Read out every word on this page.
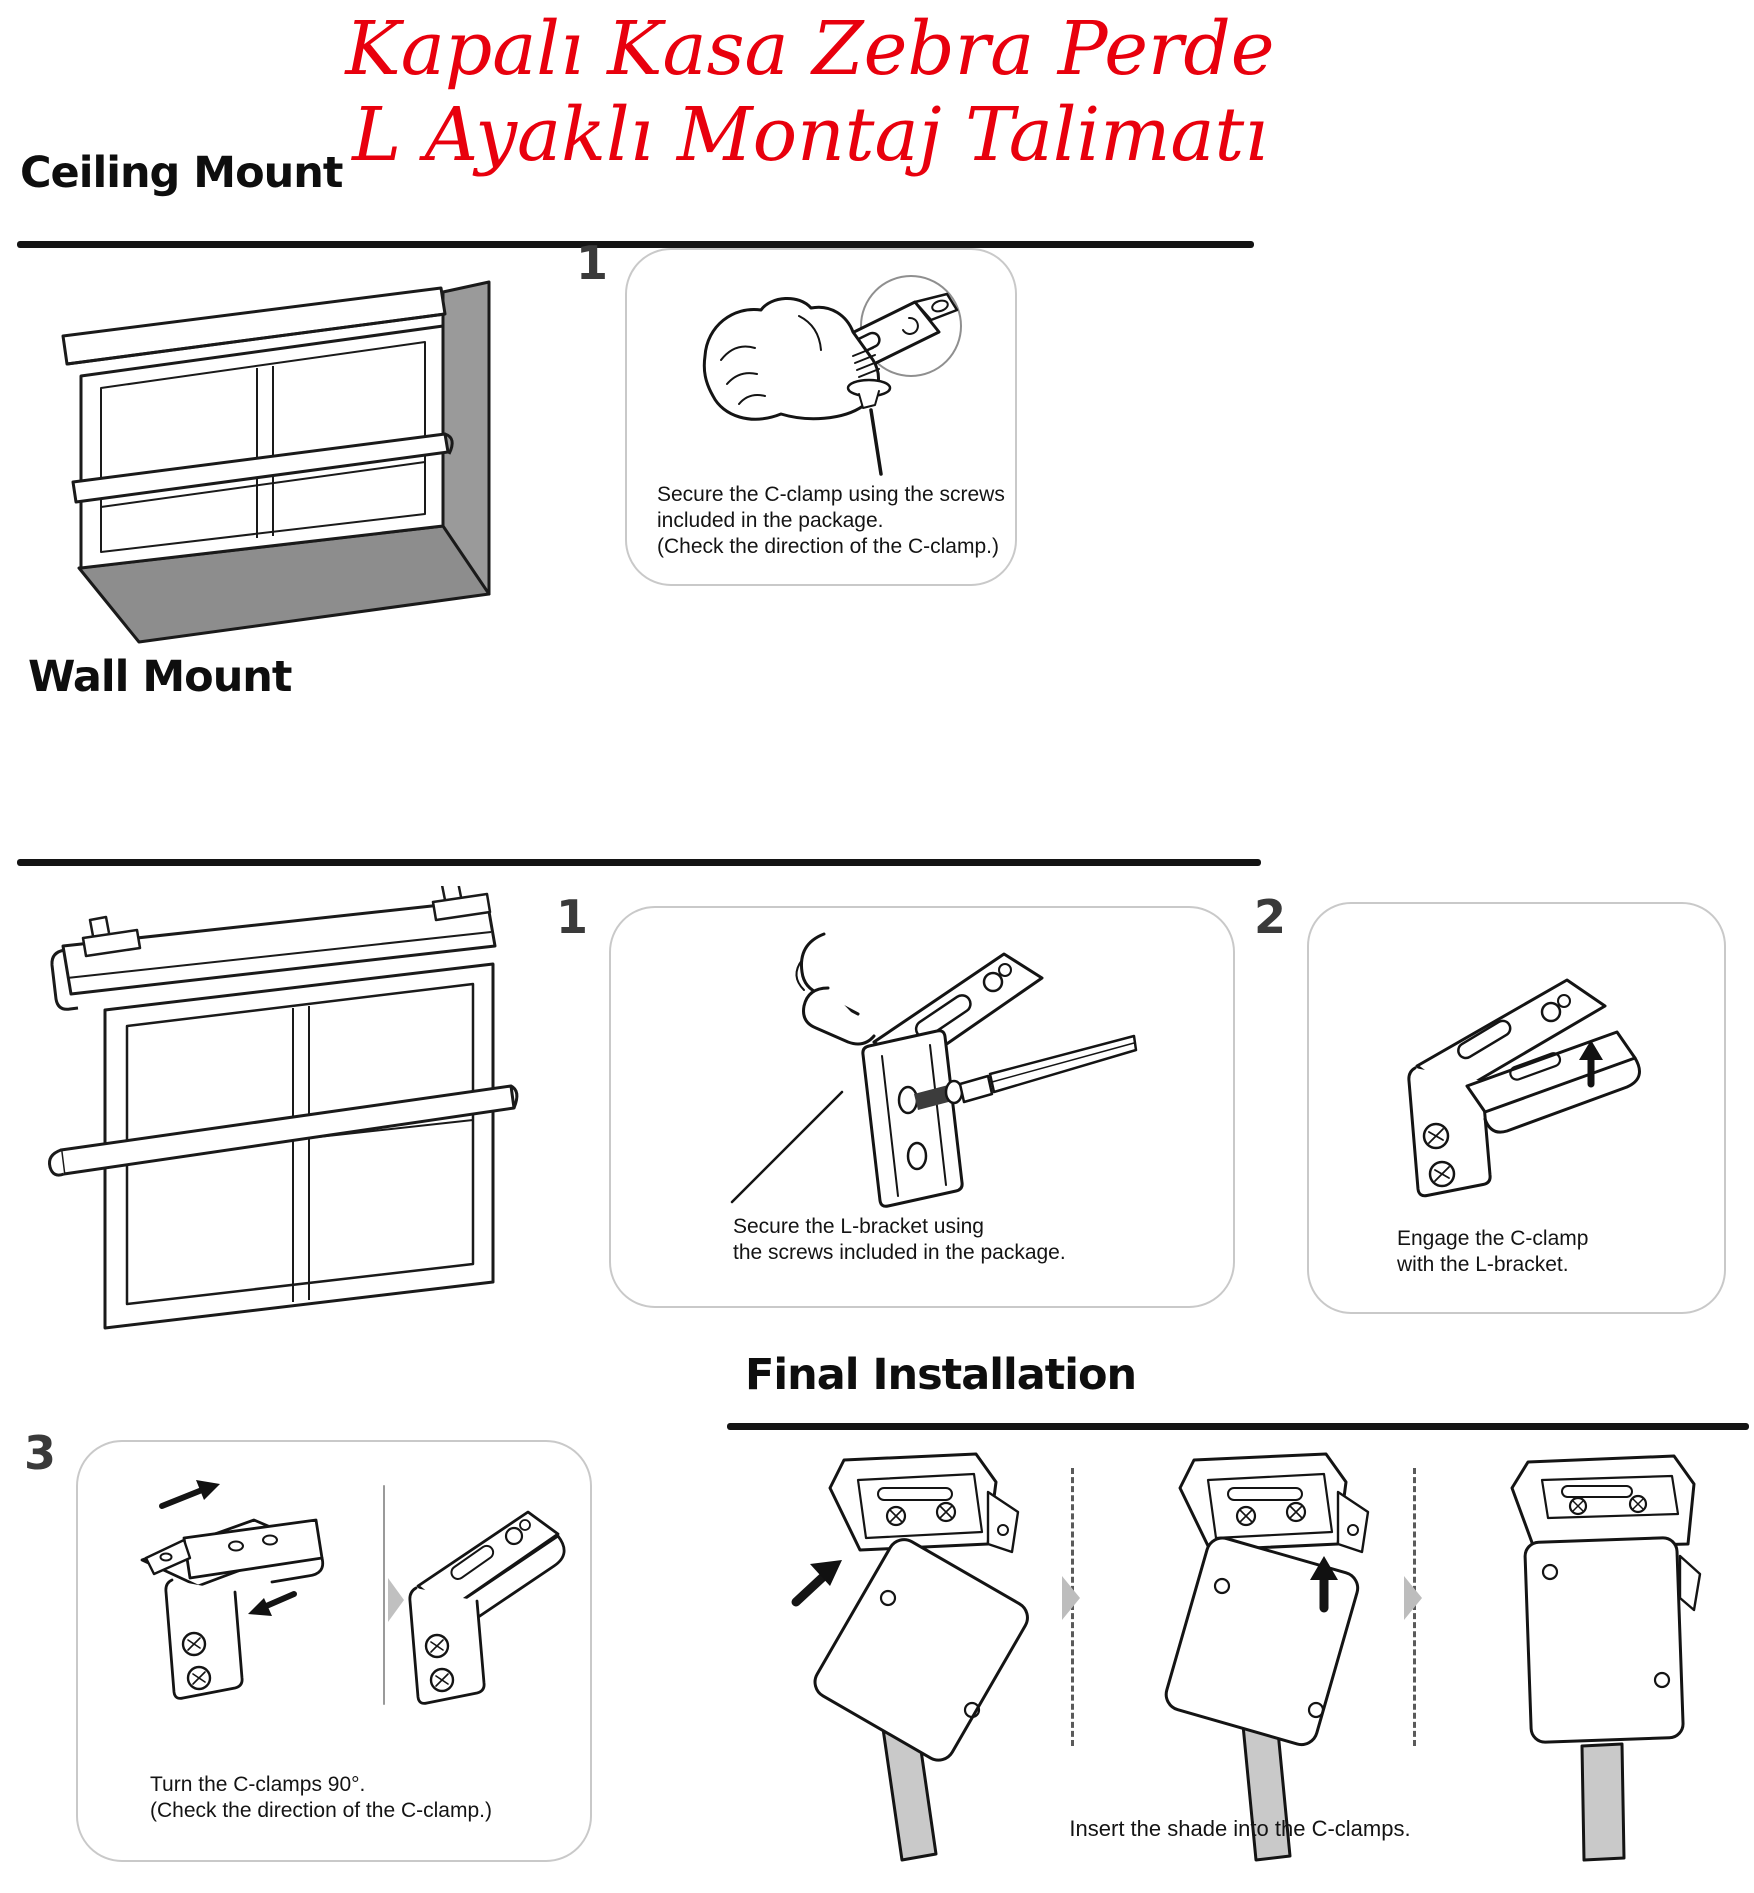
Kapalı Kasa Zebra Perde
L Ayaklı Montaj Talimatı
Ceiling Mount
1
Secure the C-clamp using the screws
included in the package.
(Check the direction of the C-clamp.)
Wall Mount
1
Secure the L-bracket using
the screws included in the package.
2
Engage the C-clamp
with the L-bracket.
Final Installation
3
Turn the C-clamps 90°.
(Check the direction of the C-clamp.)
Insert the shade into the C-clamps.
